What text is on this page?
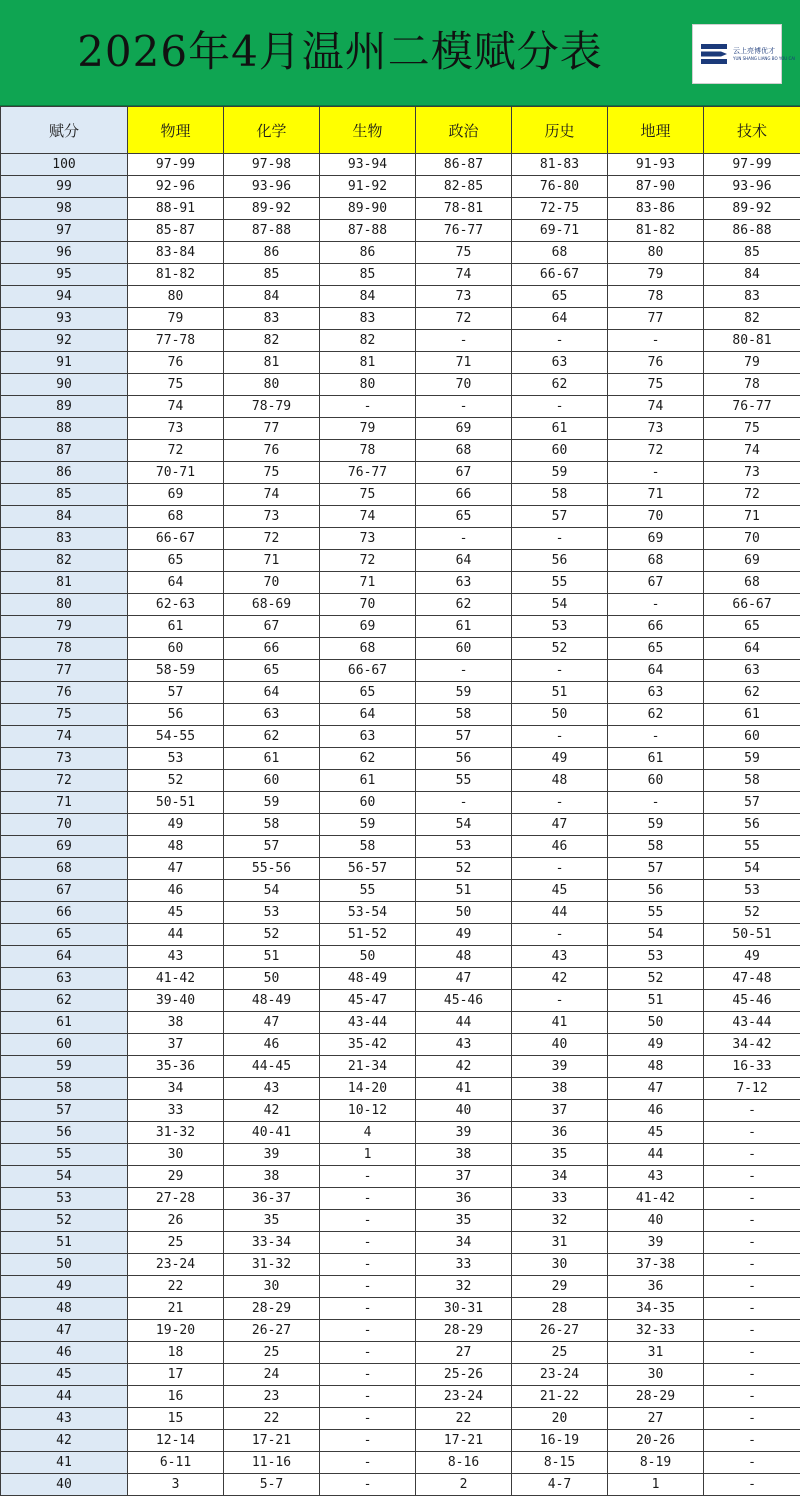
2026年4月温州二模赋分表	云上亮博优才
YUN SHANG LIANG BO YOU CAI
赋分	物理	化学	生物	政治	历史	地理	技术
100	97-99	97-98	93-94	86-87	81-83	91-93	97-99
99	92-96	93-96	91-92	82-85	76-80	87-90	93-96
98	88-91	89-92	89-90	78-81	72-75	83-86	89-92
97	85-87	87-88	87-88	76-77	69-71	81-82	86-88
96	83-84	86	86	75	68	80	85
95	81-82	85	85	74	66-67	79	84
94	80	84	84	73	65	78	83
93	79	83	83	72	64	77	82
92	77-78	82	82	-	-	-	80-81
91	76	81	81	71	63	76	79
90	75	80	80	70	62	75	78
89	74	78-79	-	-	-	74	76-77
88	73	77	79	69	61	73	75
87	72	76	78	68	60	72	74
86	70-71	75	76-77	67	59	-	73
85	69	74	75	66	58	71	72
84	68	73	74	65	57	70	71
83	66-67	72	73	-	-	69	70
82	65	71	72	64	56	68	69
81	64	70	71	63	55	67	68
80	62-63	68-69	70	62	54	-	66-67
79	61	67	69	61	53	66	65
78	60	66	68	60	52	65	64
77	58-59	65	66-67	-	-	64	63
76	57	64	65	59	51	63	62
75	56	63	64	58	50	62	61
74	54-55	62	63	57	-	-	60
73	53	61	62	56	49	61	59
72	52	60	61	55	48	60	58
71	50-51	59	60	-	-	-	57
70	49	58	59	54	47	59	56
69	48	57	58	53	46	58	55
68	47	55-56	56-57	52	-	57	54
67	46	54	55	51	45	56	53
66	45	53	53-54	50	44	55	52
65	44	52	51-52	49	-	54	50-51
64	43	51	50	48	43	53	49
63	41-42	50	48-49	47	42	52	47-48
62	39-40	48-49	45-47	45-46	-	51	45-46
61	38	47	43-44	44	41	50	43-44
60	37	46	35-42	43	40	49	34-42
59	35-36	44-45	21-34	42	39	48	16-33
58	34	43	14-20	41	38	47	7-12
57	33	42	10-12	40	37	46	-
56	31-32	40-41	4	39	36	45	-
55	30	39	1	38	35	44	-
54	29	38	-	37	34	43	-
53	27-28	36-37	-	36	33	41-42	-
52	26	35	-	35	32	40	-
51	25	33-34	-	34	31	39	-
50	23-24	31-32	-	33	30	37-38	-
49	22	30	-	32	29	36	-
48	21	28-29	-	30-31	28	34-35	-
47	19-20	26-27	-	28-29	26-27	32-33	-
46	18	25	-	27	25	31	-
45	17	24	-	25-26	23-24	30	-
44	16	23	-	23-24	21-22	28-29	-
43	15	22	-	22	20	27	-
42	12-14	17-21	-	17-21	16-19	20-26	-
41	6-11	11-16	-	8-16	8-15	8-19	-
40	3	5-7	-	2	4-7	1	-
